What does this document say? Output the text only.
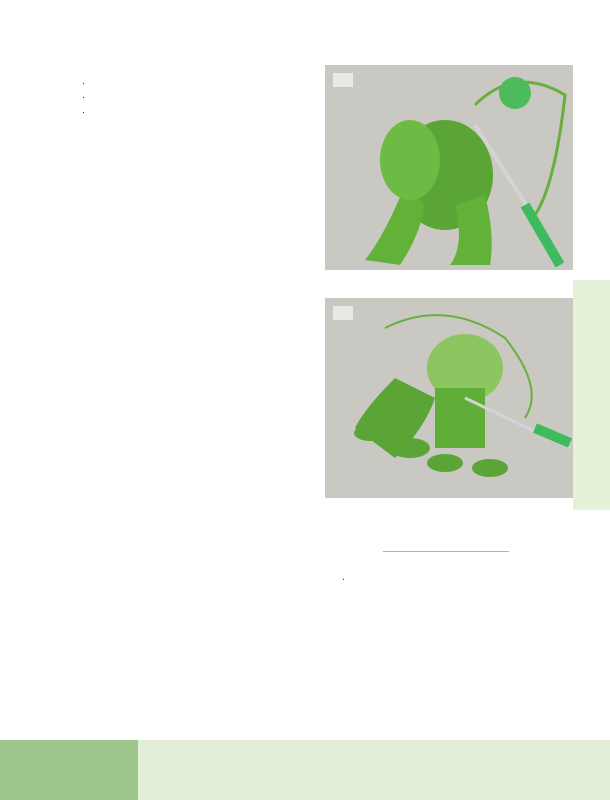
.

.

.

.
